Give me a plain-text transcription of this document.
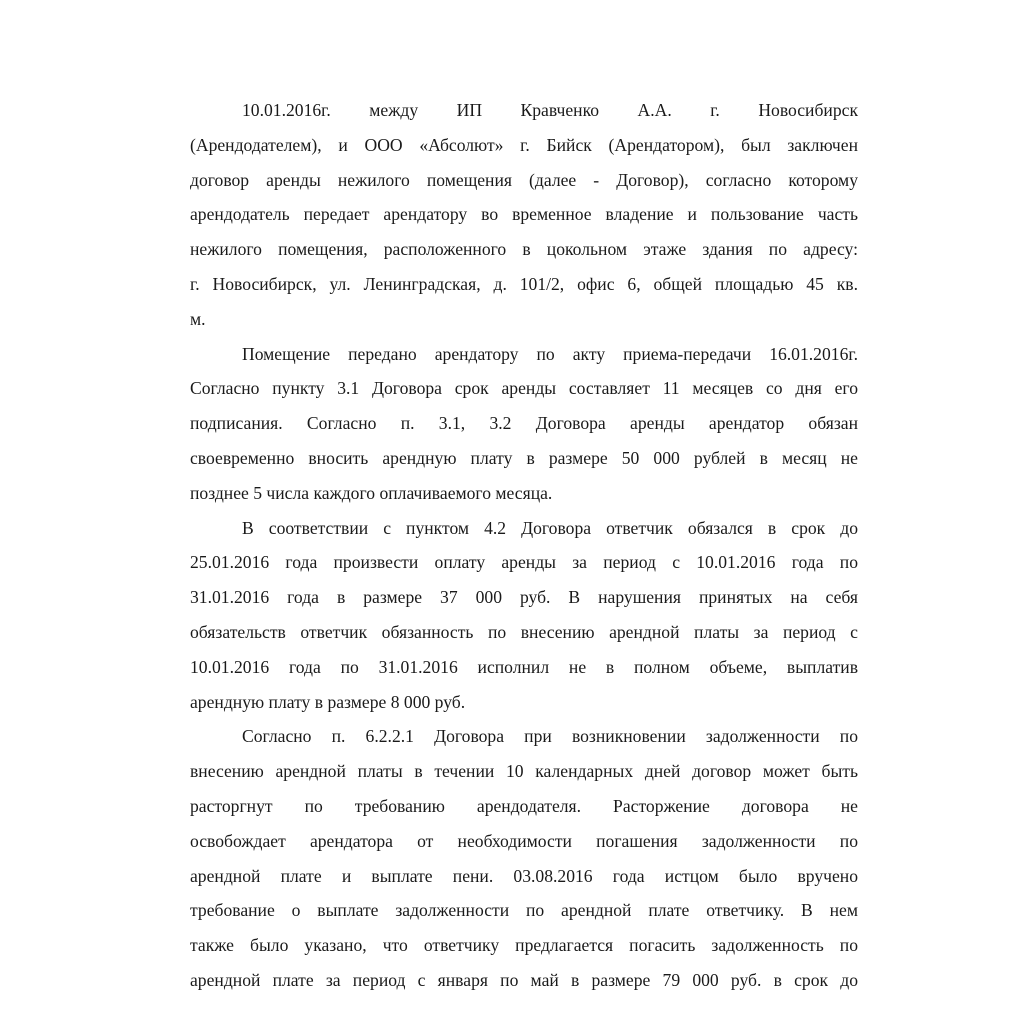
10.01.2016г. между ИП Кравченко А.А. г. Новосибирск
(Арендодателем), и ООО «Абсолют» г. Бийск (Арендатором), был заключен
договор аренды нежилого помещения (далее - Договор), согласно которому
арендодатель передает арендатору во временное владение и пользование часть
нежилого помещения, расположенного в цокольном этаже здания по адресу:
г. Новосибирск, ул. Ленинградская, д. 101/2, офис 6, общей площадью 45 кв.
м.
Помещение передано арендатору по акту приема-передачи 16.01.2016г.
Согласно пункту 3.1 Договора срок аренды составляет 11 месяцев со дня его
подписания. Согласно п. 3.1, 3.2 Договора аренды арендатор обязан
своевременно вносить арендную плату в размере 50 000 рублей в месяц не
позднее 5 числа каждого оплачиваемого месяца.
В соответствии с пунктом 4.2 Договора ответчик обязался в срок до
25.01.2016 года произвести оплату аренды за период с 10.01.2016 года по
31.01.2016 года в размере 37 000 руб. В нарушения принятых на себя
обязательств ответчик обязанность по внесению арендной платы за период с
10.01.2016 года по 31.01.2016 исполнил не в полном объеме, выплатив
арендную плату в размере 8 000 руб.
Согласно п. 6.2.2.1 Договора при возникновении задолженности по
внесению арендной платы в течении 10 календарных дней договор может быть
расторгнут по требованию арендодателя. Расторжение договора не
освобождает арендатора от необходимости погашения задолженности по
арендной плате и выплате пени. 03.08.2016 года истцом было вручено
требование о выплате задолженности по арендной плате ответчику. В нем
также было указано, что ответчику предлагается погасить задолженность по
арендной плате за период с января по май в размере 79 000 руб. в срок до
